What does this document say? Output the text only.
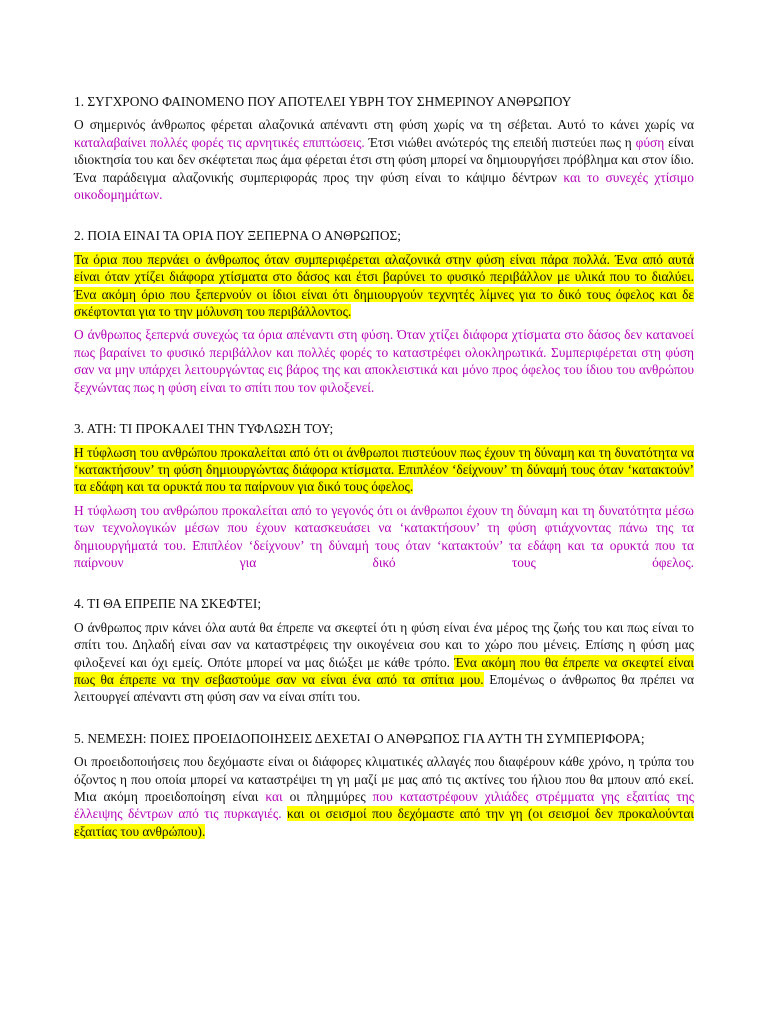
1. ΣΥΓΧΡΟΝΟ ΦΑΙΝΟΜΕΝΟ ΠΟΥ ΑΠΟΤΕΛΕΙ ΥΒΡΗ ΤΟΥ ΣΗΜΕΡΙΝΟΥ ΑΝΘΡΩΠΟΥ

Ο σημερινός άνθρωπος φέρεται αλαζονικά απέναντι στη φύση χωρίς να τη σέβεται. Αυτό το κάνει χωρίς να καταλαβαίνει πολλές φορές τις αρνητικές επιπτώσεις. Έτσι νιώθει ανώτερός της επειδή πιστεύει πως η φύση είναι ιδιοκτησία του και δεν σκέφτεται πως άμα φέρεται έτσι στη φύση μπορεί να δημιουργήσει πρόβλημα και στον ίδιο. Ένα παράδειγμα αλαζονικής συμπεριφοράς προς την φύση είναι το κάψιμο δέντρων και το συνεχές χτίσιμο οικοδομημάτων.

2. ΠΟΙΑ ΕΙΝΑΙ ΤΑ ΟΡΙΑ ΠΟΥ ΞΕΠΕΡΝΑ Ο ΑΝΘΡΩΠΟΣ;

Τα όρια που περνάει ο άνθρωπος όταν συμπεριφέρεται αλαζονικά στην φύση είναι πάρα πολλά. Ένα από αυτά είναι όταν χτίζει διάφορα χτίσματα στο δάσος και έτσι βαρύνει το φυσικό περιβάλλον με υλικά που το διαλύει. Ένα ακόμη όριο που ξεπερνούν οι ίδιοι είναι ότι δημιουργούν τεχνητές λίμνες για το δικό τους όφελος και δε σκέφτονται για το την μόλυνση του περιβάλλοντος.

Ο άνθρωπος ξεπερνά συνεχώς τα όρια απέναντι στη φύση. Όταν χτίζει διάφορα χτίσματα στο δάσος δεν κατανοεί πως βαραίνει το φυσικό περιβάλλον και πολλές φορές το καταστρέφει ολοκληρωτικά. Συμπεριφέρεται στη φύση σαν να μην υπάρχει λειτουργώντας εις βάρος της και αποκλειστικά και μόνο προς όφελος του ίδιου του ανθρώπου ξεχνώντας πως η φύση είναι το σπίτι που τον φιλοξενεί.

3. ΑΤΗ: ΤΙ ΠΡΟΚΑΛΕΙ ΤΗΝ ΤΥΦΛΩΣΗ ΤΟΥ;

Η τύφλωση του ανθρώπου προκαλείται από ότι οι άνθρωποι πιστεύουν πως έχουν τη δύναμη και τη δυνατότητα να ‘κατακτήσουν’ τη φύση δημιουργώντας διάφορα κτίσματα. Επιπλέον ‘δείχνουν’ τη δύναμή τους όταν ‘κατακτούν’ τα εδάφη και τα ορυκτά που τα παίρνουν για δικό τους όφελος.

Η τύφλωση του ανθρώπου προκαλείται από το γεγονός ότι οι άνθρωποι έχουν τη δύναμη και τη δυνατότητα μέσω των τεχνολογικών μέσων που έχουν κατασκευάσει να ‘κατακτήσουν’ τη φύση φτιάχνοντας πάνω της τα δημιουργήματά του. Επιπλέον ‘δείχνουν’ τη δύναμή τους όταν ‘κατακτούν’ τα εδάφη και τα ορυκτά που τα παίρνουν για δικό τους όφελος.

4. ΤΙ ΘΑ ΕΠΡΕΠΕ ΝΑ ΣΚΕΦΤΕΙ;

Ο άνθρωπος πριν κάνει όλα αυτά θα έπρεπε να σκεφτεί ότι η φύση είναι ένα μέρος της ζωής του και πως είναι το σπίτι του. Δηλαδή είναι σαν να καταστρέφεις την οικογένεια σου και το χώρο που μένεις. Επίσης η φύση μας φιλοξενεί και όχι εμείς. Οπότε μπορεί να μας διώξει με κάθε τρόπο. Ένα ακόμη που θα έπρεπε να σκεφτεί είναι πως θα έπρεπε να την σεβαστούμε σαν να είναι ένα από τα σπίτια μου. Επομένως ο άνθρωπος θα πρέπει να λειτουργεί απέναντι στη φύση σαν να είναι σπίτι του.

5. ΝΕΜΕΣΗ: ΠΟΙΕΣ ΠΡΟΕΙΔΟΠΟΙΗΣΕΙΣ ΔΕΧΕΤΑΙ Ο ΑΝΘΡΩΠΟΣ ΓΙΑ ΑΥΤΗ ΤΗ ΣΥΜΠΕΡΙΦΟΡΑ;

Οι προειδοποιήσεις που δεχόμαστε είναι οι διάφορες κλιματικές αλλαγές που διαφέρουν κάθε χρόνο, η τρύπα του όζοντος η που οποία μπορεί να καταστρέψει τη γη μαζί με μας από τις ακτίνες του ήλιου που θα μπουν από εκεί. Μια ακόμη προειδοποίηση είναι και οι πλημμύρες που καταστρέφουν χιλιάδες στρέμματα γης εξαιτίας της έλλειψης δέντρων από τις πυρκαγιές. και οι σεισμοί που δεχόμαστε από την γη (οι σεισμοί δεν προκαλούνται εξαιτίας του ανθρώπου).
